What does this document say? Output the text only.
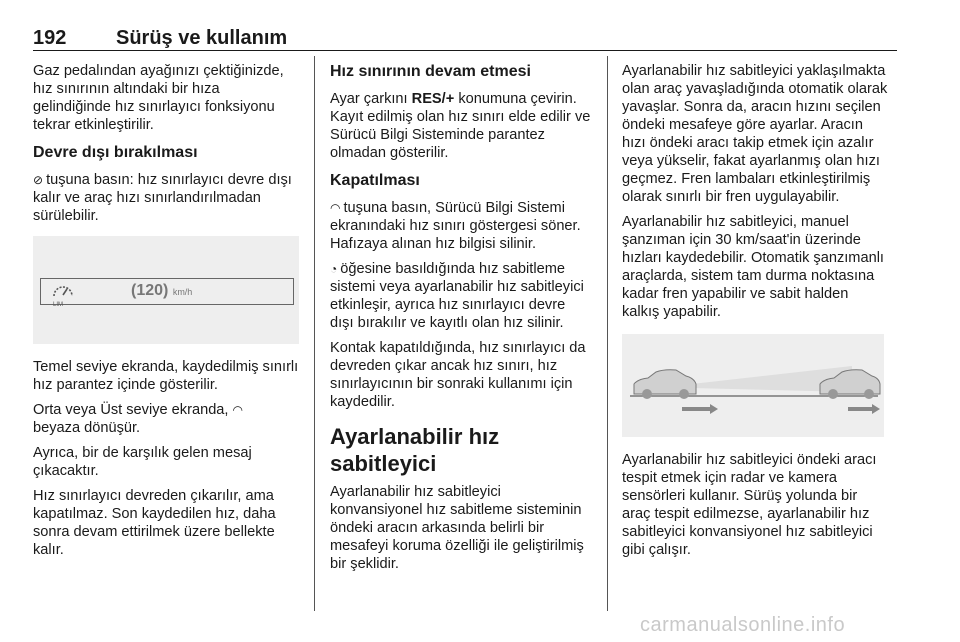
192 Sürüş ve kullanım

Gaz pedalından ayağınızı çektiğinizde, hız sınırının altındaki bir hıza gelindiğinde hız sınırlayıcı fonksiyonu tekrar etkinleştirilir.

Devre dışı bırakılması

⊘ tuşuna basın: hız sınırlayıcı devre dışı kalır ve araç hızı sınırlandırılmadan sürülebilir.

LIM
(120) km/h

Temel seviye ekranda, kaydedilmiş sınırlı hız parantez içinde gösterilir.

Orta veya Üst seviye ekranda, ◠
beyaza dönüşür.

Ayrıca, bir de karşılık gelen mesaj çıkacaktır.

Hız sınırlayıcı devreden çıkarılır, ama kapatılmaz. Son kaydedilen hız, daha sonra devam ettirilmek üzere bellekte kalır.

Hız sınırının devam etmesi

Ayar çarkını RES/+ konumuna çevirin. Kayıt edilmiş olan hız sınırı elde edilir ve Sürücü Bilgi Sisteminde parantez olmadan gösterilir.

Kapatılması

◠ tuşuna basın, Sürücü Bilgi Sistemi ekranındaki hız sınırı göstergesi söner. Hafızaya alınan hız bilgisi silinir.

◔ öğesine basıldığında hız sabitleme sistemi veya ayarlanabilir hız sabitleyici etkinleşir, ayrıca hız sınırlayıcı devre dışı bırakılır ve kayıtlı olan hız silinir.

Kontak kapatıldığında, hız sınırlayıcı da devreden çıkar ancak hız sınırı, hız sınırlayıcının bir sonraki kullanımı için kaydedilir.

Ayarlanabilir hız sabitleyici

Ayarlanabilir hız sabitleyici konvansiyonel hız sabitleme sisteminin öndeki aracın arkasında belirli bir mesafeyi koruma özelliği ile geliştirilmiş bir şeklidir.

Ayarlanabilir hız sabitleyici yaklaşılmakta olan araç yavaşladığında otomatik olarak yavaşlar. Sonra da, aracın hızını seçilen öndeki mesafeye göre ayarlar. Aracın hızı öndeki aracı takip etmek için azalır veya yükselir, fakat ayarlanmış olan hızı geçmez. Fren lambaları etkinleştirilmiş olarak sınırlı bir fren uygulayabilir.

Ayarlanabilir hız sabitleyici, manuel şanzıman için 30 km/saat'in üzerinde hızları kaydedebilir. Otomatik şanzımanlı araçlarda, sistem tam durma noktasına kadar fren yapabilir ve sabit halden kalkış yapabilir.

Ayarlanabilir hız sabitleyici öndeki aracı tespit etmek için radar ve kamera sensörleri kullanır. Sürüş yolunda bir araç tespit edilmezse, ayarlanabilir hız sabitleyici konvansiyonel hız sabitleyici gibi çalışır.

carmanualsonline.info
